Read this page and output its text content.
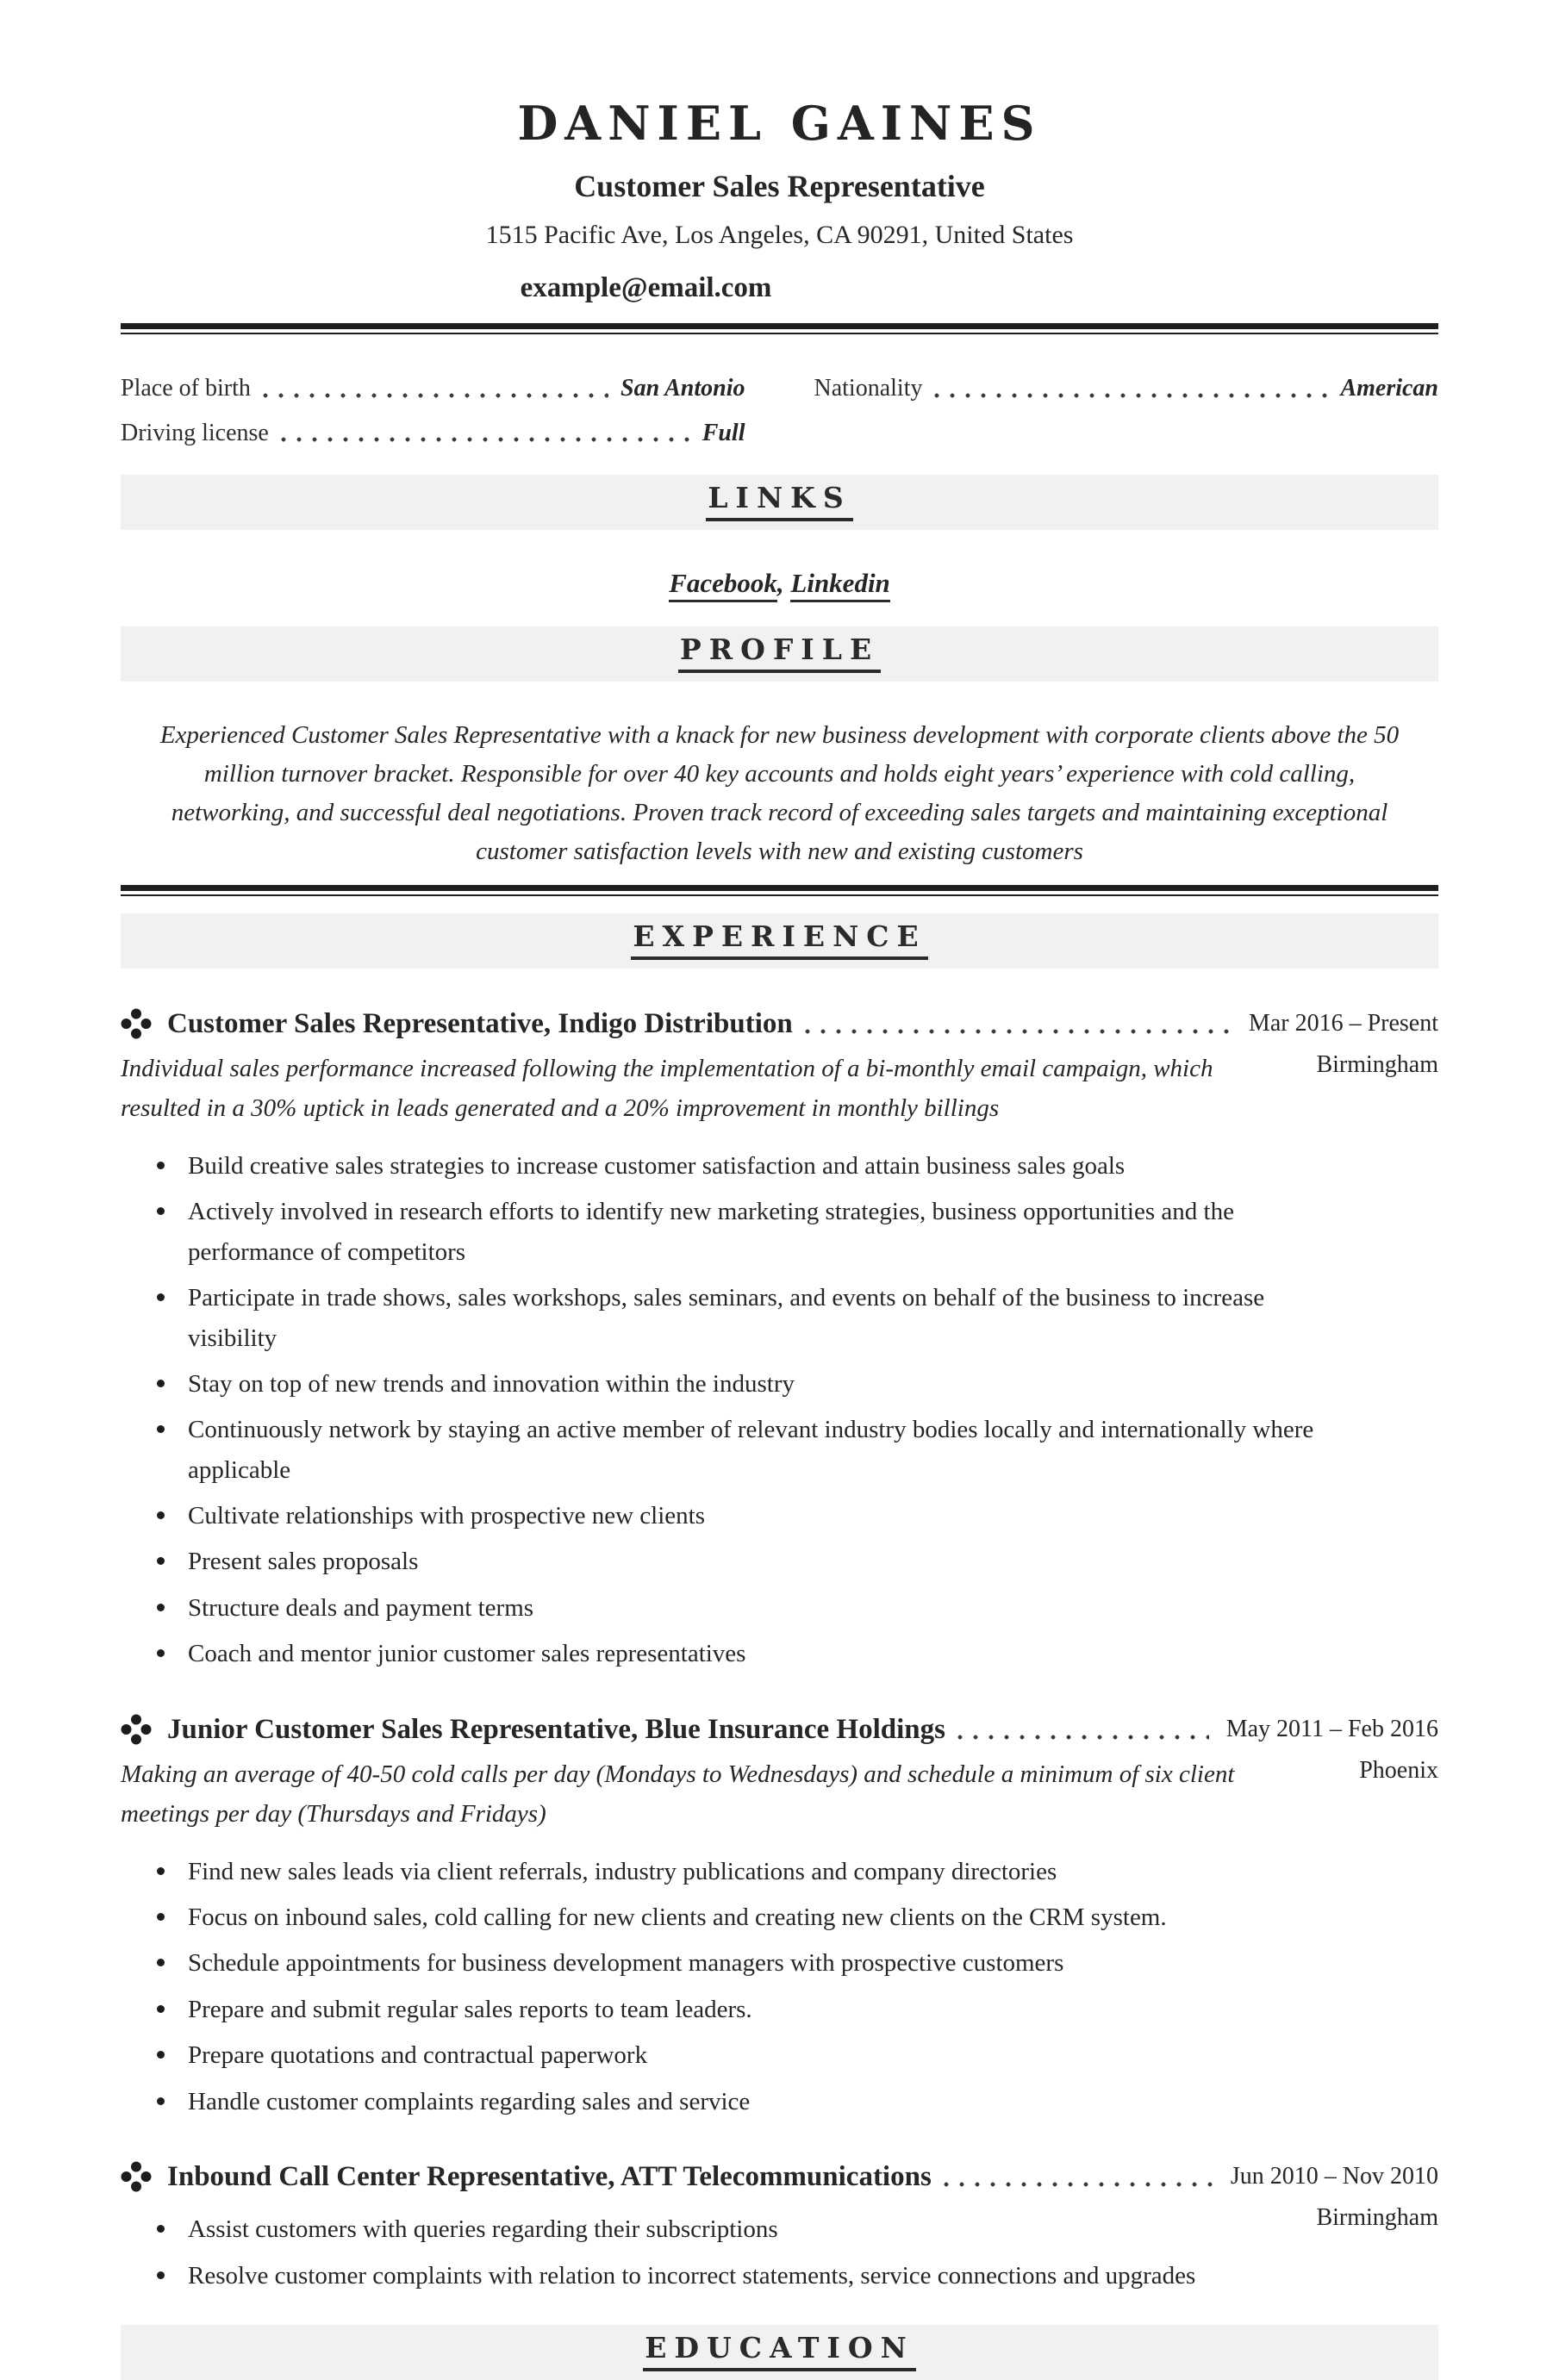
DANIEL GAINES
Customer Sales Representative
1515 Pacific Ave, Los Angeles, CA 90291, United States
example@email.com
Place of birth	San Antonio	Nationality	American
Driving license	Full
LINKS

Facebook, Linkedin

PROFILE

Experienced Customer Sales Representative with a knack for new business development with corporate clients above the 50 million turnover bracket. Responsible for over 40 key accounts and holds eight years’ experience with cold calling, networking, and successful deal negotiations. Proven track record of exceeding sales targets and maintaining exceptional customer satisfaction levels with new and existing customers

EXPERIENCE
Customer Sales Representative, Indigo Distribution	Mar 2016 – Present
Birmingham

Individual sales performance increased following the implementation of a bi-monthly email campaign, which resulted in a 30% uptick in leads generated and a 20% improvement in monthly billings

Build creative sales strategies to increase customer satisfaction and attain business sales goals
Actively involved in research efforts to identify new marketing strategies, business opportunities and the performance of competitors
Participate in trade shows, sales workshops, sales seminars, and events on behalf of the business to increase visibility
Stay on top of new trends and innovation within the industry
Continuously network by staying an active member of relevant industry bodies locally and internationally where applicable
Cultivate relationships with prospective new clients
Present sales proposals
Structure deals and payment terms
Coach and mentor junior customer sales representatives
Junior Customer Sales Representative, Blue Insurance Holdings	May 2011 – Feb 2016
Phoenix

Making an average of 40-50 cold calls per day (Mondays to Wednesdays) and schedule a minimum of six client meetings per day (Thursdays and Fridays)

Find new sales leads via client referrals, industry publications and company directories
Focus on inbound sales, cold calling for new clients and creating new clients on the CRM system.
Schedule appointments for business development managers with prospective customers
Prepare and submit regular sales reports to team leaders.
Prepare quotations and contractual paperwork
Handle customer complaints regarding sales and service
Inbound Call Center Representative, ATT Telecommunications	Jun 2010 – Nov 2010
Birmingham
Assist customers with queries regarding their subscriptions
Resolve customer complaints with relation to incorrect statements, service connections and upgrades
EDUCATION
